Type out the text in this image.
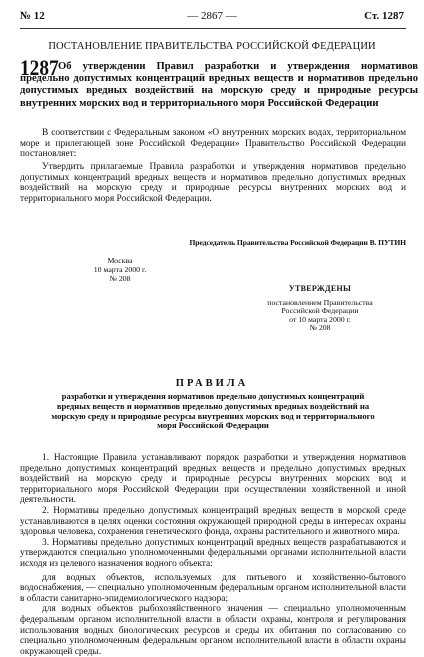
№ 12	— 2867 —	Ст. 1287
ПОСТАНОВЛЕНИЕ ПРАВИТЕЛЬСТВА РОССИЙСКОЙ ФЕДЕРАЦИИ
1287 Об утверждении Правил разработки и утверждения нормативов предельно допустимых концентраций вредных веществ и нормативов предельно допустимых вредных воздействий на морскую среду и природные ресурсы внутренних морских вод и территориального моря Российской Федерации

В соответствии с Федеральным законом «О внутренних морских водах, территориальном море и прилегающей зоне Российской Федерации» Правительство Российской Федерации постановляет:

Утвердить прилагаемые Правила разработки и утверждения нормативов предельно допустимых концентраций вредных веществ и нормативов предельно допустимых вредных воздействий на морскую среду и природные ресурсы внутренних морских вод и территориального моря Российской Федерации.

Председатель Правительства Российской Федерации В. ПУТИН
Москва
10 марта 2000 г.
№ 208
УТВЕРЖДЕНЫ
постановлением Правительства
Российской Федерации
от 10 марта 2000 г.
№ 208
ПРАВИЛА
разработки и утверждения нормативов предельно допустимых концентраций вредных веществ и нормативов предельно допустимых вредных воздействий на морскую среду и природные ресурсы внутренних морских вод и территориального моря Российской Федерации

1. Настоящие Правила устанавливают порядок разработки и утверждения нормативов предельно допустимых концентраций вредных веществ и предельно допустимых вредных воздействий на морскую среду и природные ресурсы внутренних морских вод и территориального моря Российской Федерации при осуществлении хозяйственной и иной деятельности.

2. Нормативы предельно допустимых концентраций вредных веществ в морской среде устанавливаются в целях оценки состояния окружающей природной среды в интересах охраны здоровья человека, сохранения генетического фонда, охраны растительного и животного мира.

3. Нормативы предельно допустимых концентраций вредных веществ разрабатываются и утверждаются специально уполномоченными федеральными органами исполнительной власти исходя из целевого назначения водного объекта:

для водных объектов, используемых для питьевого и хозяйственно-бытового водоснабжения, — специально уполномоченным федеральным органом исполнительной власти в области санитарно-эпидемиологического надзора;

для водных объектов рыбохозяйственного значения — специально уполномоченным федеральным органом исполнительной власти в области охраны, контроля и регулирования использования водных биологических ресурсов и среды их обитания по согласованию со специально уполномоченным федеральным органом исполнительной власти в области охраны окружающей среды.
